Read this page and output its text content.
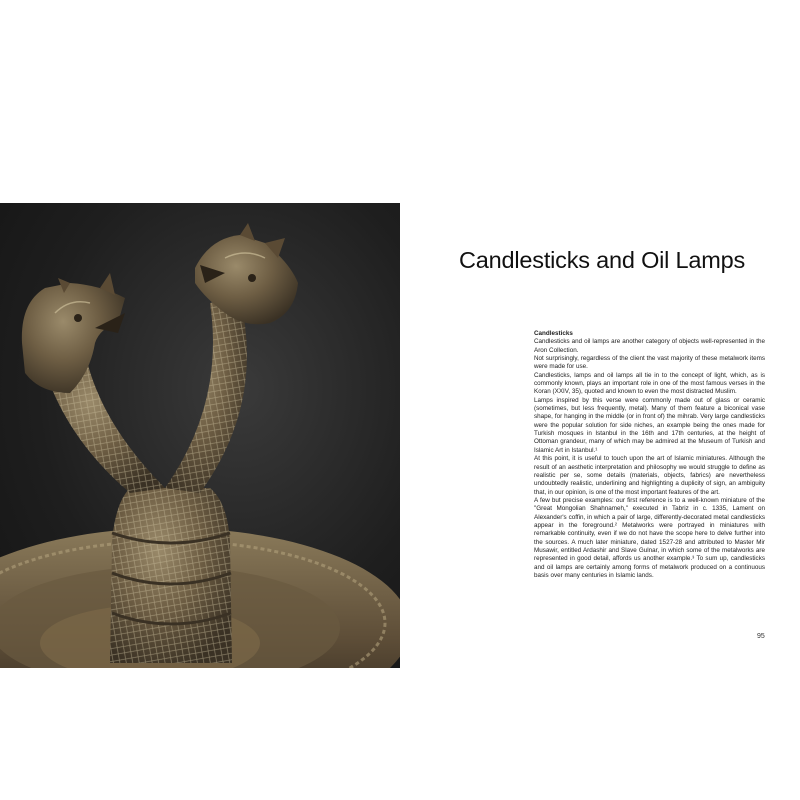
Candlesticks and Oil Lamps

Candlesticks

Candlesticks and oil lamps are another category of objects well-represented in the Aron Collection.

Not surprisingly, regardless of the client the vast majority of these metalwork items were made for use.

Candlesticks, lamps and oil lamps all tie in to the concept of light, which, as is commonly known, plays an important role in one of the most famous verses in the Koran (XXIV, 35), quoted and known to even the most distracted Muslim.

Lamps inspired by this verse were commonly made out of glass or ceramic (sometimes, but less frequently, metal). Many of them feature a biconical vase shape, for hanging in the middle (or in front of) the mihrab. Very large candlesticks were the popular solution for side niches, an example being the ones made for Turkish mosques in Istanbul in the 16th and 17th centuries, at the height of Ottoman grandeur, many of which may be admired at the Museum of Turkish and Islamic Art in Istanbul.¹

At this point, it is useful to touch upon the art of Islamic miniatures. Although the result of an aesthetic interpretation and philosophy we would struggle to define as realistic per se, some details (materials, objects, fabrics) are nevertheless undoubtedly realistic, underlining and highlighting a duplicity of sign, an ambiguity that, in our opinion, is one of the most important features of the art.

A few but precise examples: our first reference is to a well-known miniature of the "Great Mongolian Shahnameh," executed in Tabriz in c. 1335, Lament on Alexander's coffin, in which a pair of large, differently-decorated metal candlesticks appear in the foreground.² Metalworks were portrayed in miniatures with remarkable continuity, even if we do not have the scope here to delve further into the sources. A much later miniature, dated 1527-28 and attributed to Master Mir Musawir, entitled Ardashir and Slave Gulnar, in which some of the metalworks are represented in good detail, affords us another example.³ To sum up, candlesticks and oil lamps are certainly among forms of metalwork produced on a continuous basis over many centuries in Islamic lands.

95
